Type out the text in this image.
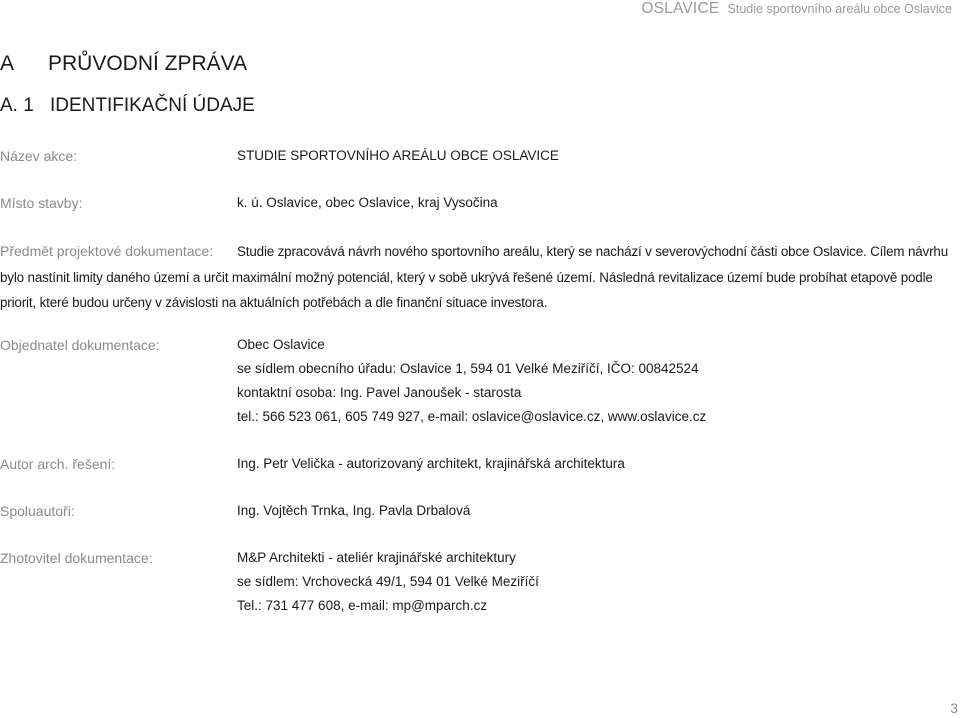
OSLAVICE Studie sportovního areálu obce Oslavice
A PRŮVODNÍ ZPRÁVA
A. 1 IDENTIFIKAČNÍ ÚDAJE
Název akce:	STUDIE SPORTOVNÍHO AREÁLU OBCE OSLAVICE
Místo stavby:	k. ú. Oslavice, obec Oslavice, kraj Vysočina
Předmět projektové dokumentace: Studie zpracovává návrh nového sportovního areálu, který se nachází v severovýchodní části obce Oslavice. Cílem návrhu bylo nastínit limity daného území a určit maximální možný potenciál, který v sobě ukrývá řešené území. Následná revitalizace území bude probíhat etapově podle priorit, které budou určeny v závislosti na aktuálních potřebách a dle finanční situace investora.
Objednatel dokumentace:	Obec Oslavice
se sídlem obecního úřadu: Oslavice 1, 594 01 Velké Meziříčí, IČO: 00842524
kontaktní osoba: Ing. Pavel Janoušek - starosta
tel.: 566 523 061, 605 749 927, e-mail: oslavice@oslavice.cz, www.oslavice.cz
Autor arch. řešení:	Ing. Petr Velička - autorizovaný architekt, krajinářská architektura
Spoluautoři:	Ing. Vojtěch Trnka, Ing. Pavla Drbalová
Zhotovitel dokumentace:	M&P Architekti - ateliér krajinářské architektury
se sídlem: Vrchovecká 49/1, 594 01 Velké Meziříčí
Tel.: 731 477 608, e-mail: mp@mparch.cz
3
